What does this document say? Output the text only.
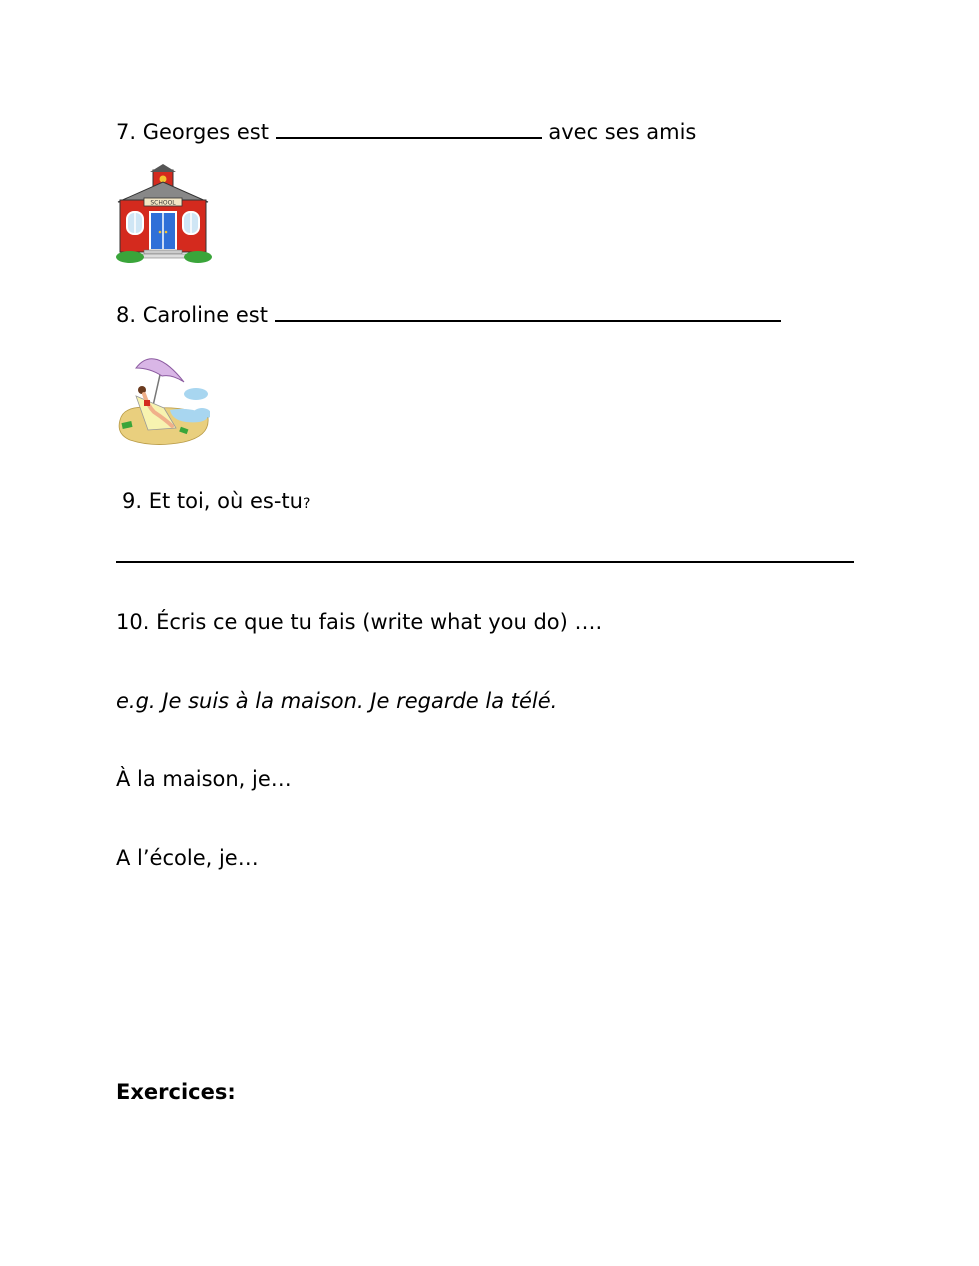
7. Georges est	avec ses amis
SCHOOL
8. Caroline est
9. Et toi, où es-tu?
10. Écris ce que tu fais (write what you do) ….
e.g. Je suis à la maison. Je regarde la télé.
À la maison, je…
A l’école, je…
Exercices:
